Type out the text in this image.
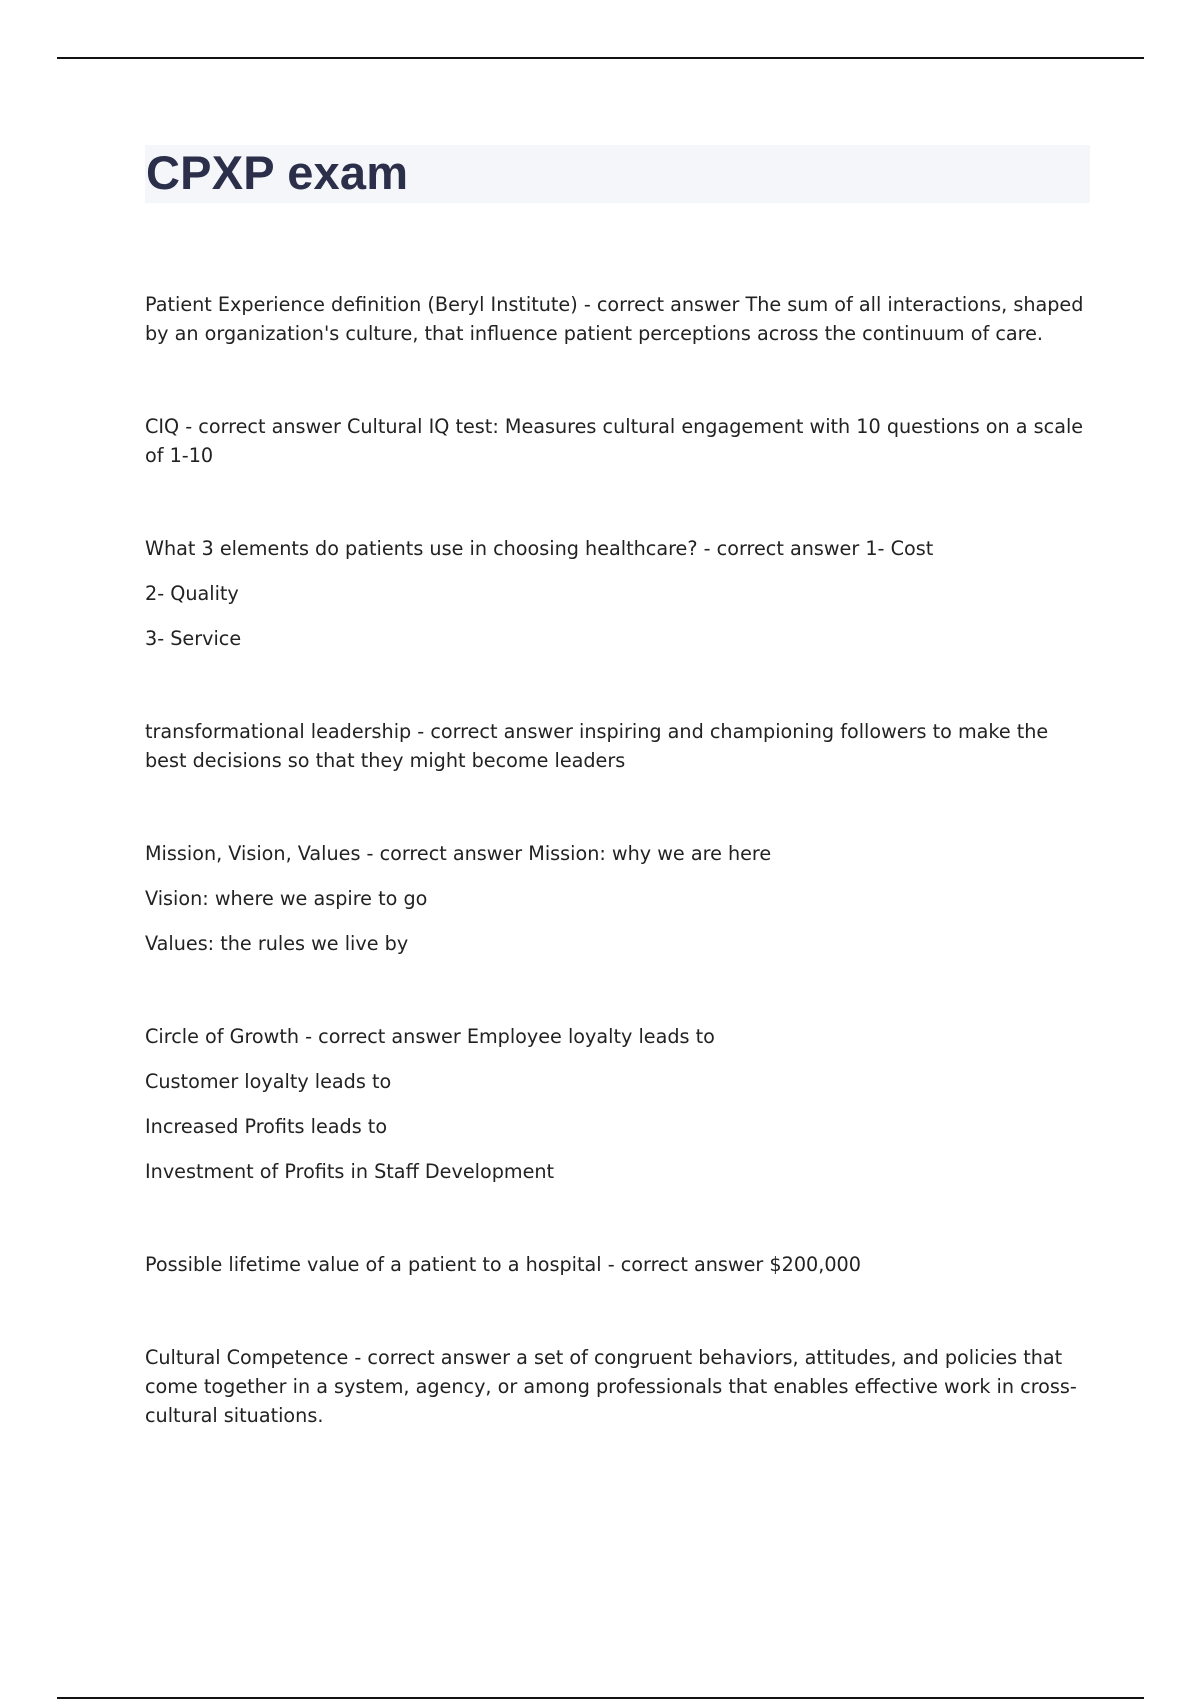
CPXP exam

Patient Experience definition (Beryl Institute) - correct answer The sum of all interactions, shaped by an organization's culture, that influence patient perceptions across the continuum of care.

CIQ - correct answer Cultural IQ test: Measures cultural engagement with 10 questions on a scale of 1-10

What 3 elements do patients use in choosing healthcare? - correct answer 1- Cost

2- Quality

3- Service

transformational leadership - correct answer inspiring and championing followers to make the best decisions so that they might become leaders

Mission, Vision, Values - correct answer Mission: why we are here

Vision: where we aspire to go

Values: the rules we live by

Circle of Growth - correct answer Employee loyalty leads to

Customer loyalty leads to

Increased Profits leads to

Investment of Profits in Staff Development

Possible lifetime value of a patient to a hospital - correct answer $200,000

Cultural Competence - correct answer a set of congruent behaviors, attitudes, and policies that come together in a system, agency, or among professionals that enables effective work in cross-cultural situations.
